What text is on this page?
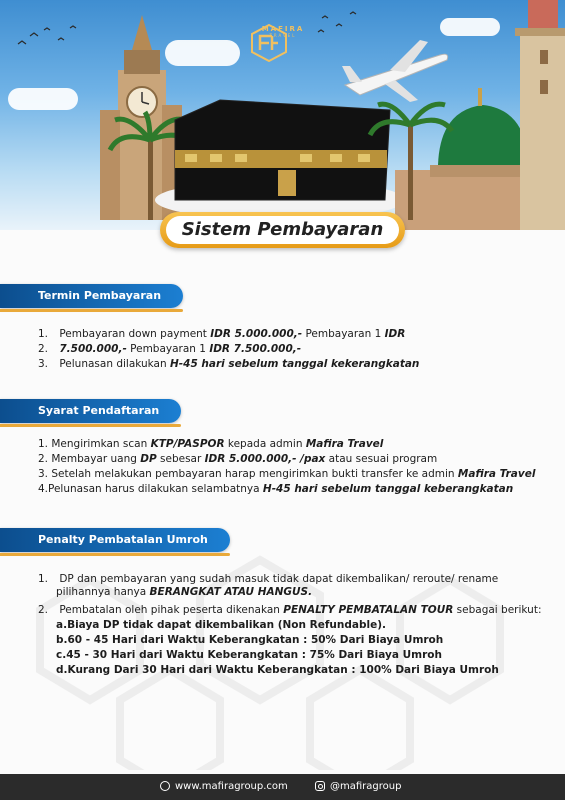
MAFIRA
TRAVEL
Sistem Pembayaran
Termin Pembayaran
1. Pembayaran down payment IDR 5.000.000,- Pembayaran 1 IDR
2. 7.500.000,- Pembayaran 1 IDR 7.500.000,-
3. Pelunasan dilakukan H-45 hari sebelum tanggal kekerangkatan
Syarat Pendaftaran
1. Mengirimkan scan KTP/PASPOR kepada admin Mafira Travel
2. Membayar uang DP sebesar IDR 5.000.000,- /pax atau sesuai program
3. Setelah melakukan pembayaran harap mengirimkan bukti transfer ke admin Mafira Travel
4.Pelunasan harus dilakukan selambatnya H-45 hari sebelum tanggal keberangkatan
Penalty Pembatalan Umroh
1. DP dan pembayaran yang sudah masuk tidak dapat dikembalikan/ reroute/ rename
pilihannya hanya BERANGKAT ATAU HANGUS.
2. Pembatalan oleh pihak peserta dikenakan PENALTY PEMBATALAN TOUR sebagai berikut:
a.Biaya DP tidak dapat dikembalikan (Non Refundable).
b.60 - 45 Hari dari Waktu Keberangkatan : 50% Dari Biaya Umroh
c.45 - 30 Hari dari Waktu Keberangkatan : 75% Dari Biaya Umroh
d.Kurang Dari 30 Hari dari Waktu Keberangkatan : 100% Dari Biaya Umroh
www.mafiragroup.com	@mafiragroup
